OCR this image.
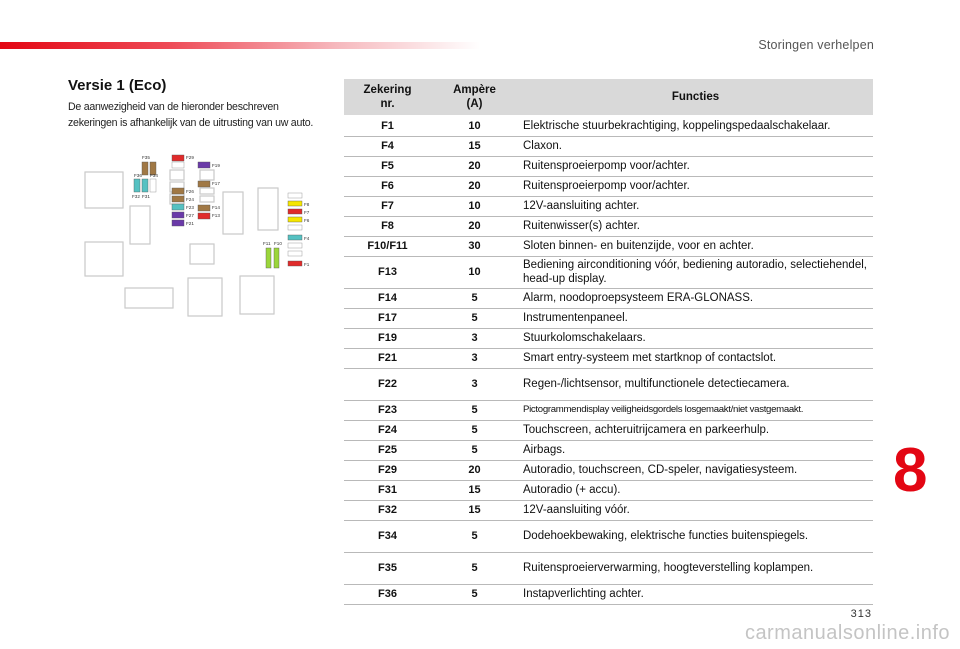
Storingen verhelpen
Versie 1 (Eco)
De aanwezigheid van de hieronder beschreven zekeringen is afhankelijk van de uitrusting van uw auto.
F35	F29
F19
F36 F34
F32 F31
F17
F26
F24
F23	F14
F27	F13
F21
F8
F7
F6
F4
F11 F10
F1
Zekering nr.	Ampère (A)	Functies
F1	10	Elektrische stuurbekrachtiging, koppelingspedaalschakelaar.
F4	15	Claxon.
F5	20	Ruitensproeierpomp voor/achter.
F6	20	Ruitensproeierpomp voor/achter.
F7	10	12V-aansluiting achter.
F8	20	Ruitenwisser(s) achter.
F10/F11	30	Sloten binnen- en buitenzijde, voor en achter.
F13	10	Bediening airconditioning vóór, bediening autoradio, selectiehendel, head-up display.
F14	5	Alarm, noodoproepsysteem ERA-GLONASS.
F17	5	Instrumentenpaneel.
F19	3	Stuurkolomschakelaars.
F21	3	Smart entry-systeem met startknop of contactslot.
F22	3	Regen-/lichtsensor, multifunctionele detectiecamera.
F23	5	Pictogrammendisplay veiligheidsgordels losgemaakt/niet vastgemaakt.
F24	5	Touchscreen, achteruitrijcamera en parkeerhulp.
F25	5	Airbags.
F29	20	Autoradio, touchscreen, CD-speler, navigatiesysteem.
F31	15	Autoradio (+ accu).
F32	15	12V-aansluiting vóór.
F34	5	Dodehoekbewaking, elektrische functies buitenspiegels.
F35	5	Ruitensproeierverwarming, hoogteverstelling koplampen.
F36	5	Instapverlichting achter.
8
313
carmanualsonline.info
